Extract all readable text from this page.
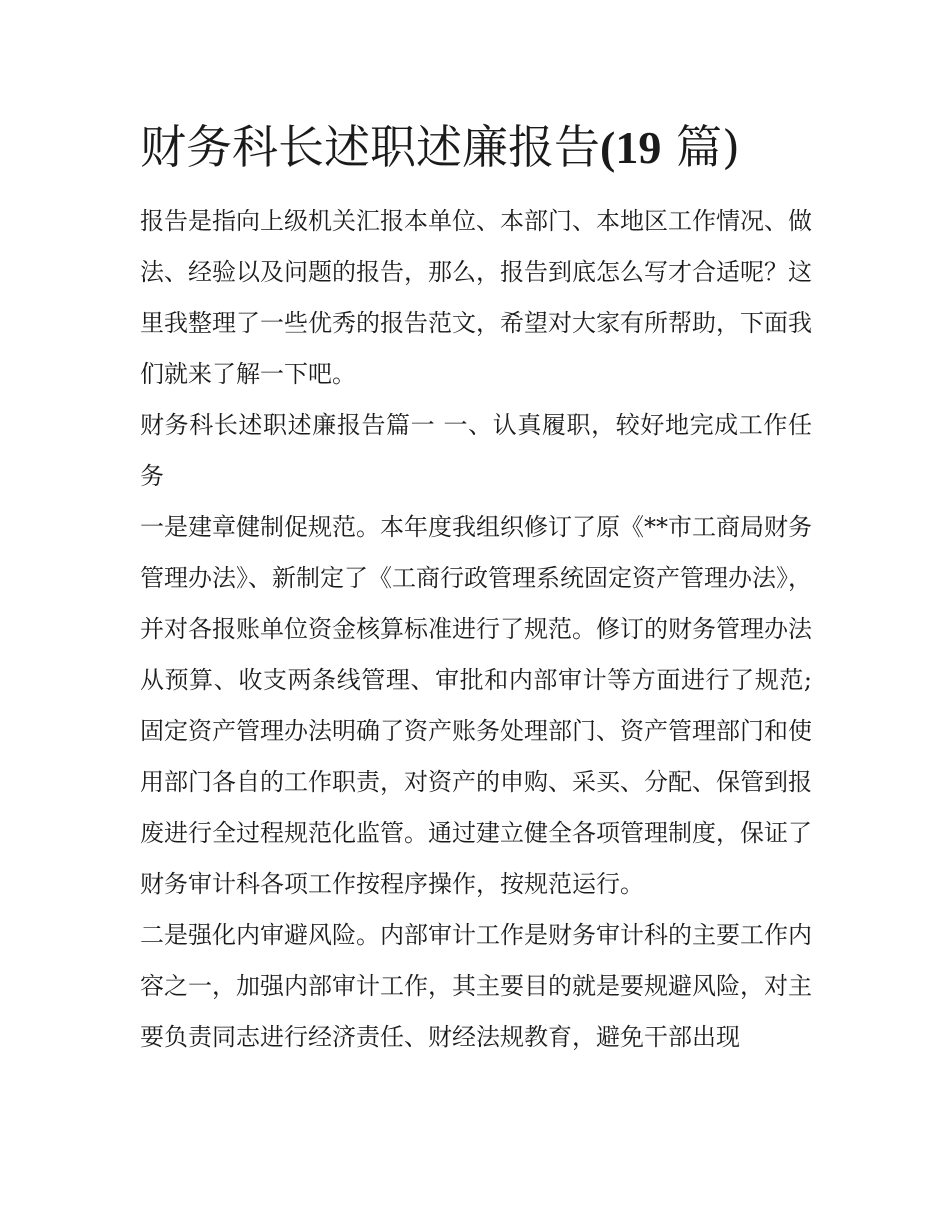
财务科长述职述廉报告(19 篇)

报告是指向上级机关汇报本单位、本部门、本地区工作情况、做法、经验以及问题的报告，那么，报告到底怎么写才合适呢？这里我整理了一些优秀的报告范文，希望对大家有所帮助，下面我们就来了解一下吧。

财务科长述职述廉报告篇一 一、认真履职，较好地完成工作任务

一是建章健制促规范。本年度我组织修订了原《**市工商局财务管理办法》、新制定了《工商行政管理系统固定资产管理办法》，并对各报账单位资金核算标准进行了规范。修订的财务管理办法从预算、收支两条线管理、审批和内部审计等方面进行了规范;固定资产管理办法明确了资产账务处理部门、资产管理部门和使用部门各自的工作职责，对资产的申购、采买、分配、保管到报废进行全过程规范化监管。通过建立健全各项管理制度，保证了财务审计科各项工作按程序操作，按规范运行。

二是强化内审避风险。内部审计工作是财务审计科的主要工作内容之一，加强内部审计工作，其主要目的就是要规避风险，对主要负责同志进行经济责任、财经法规教育，避免干部出现
